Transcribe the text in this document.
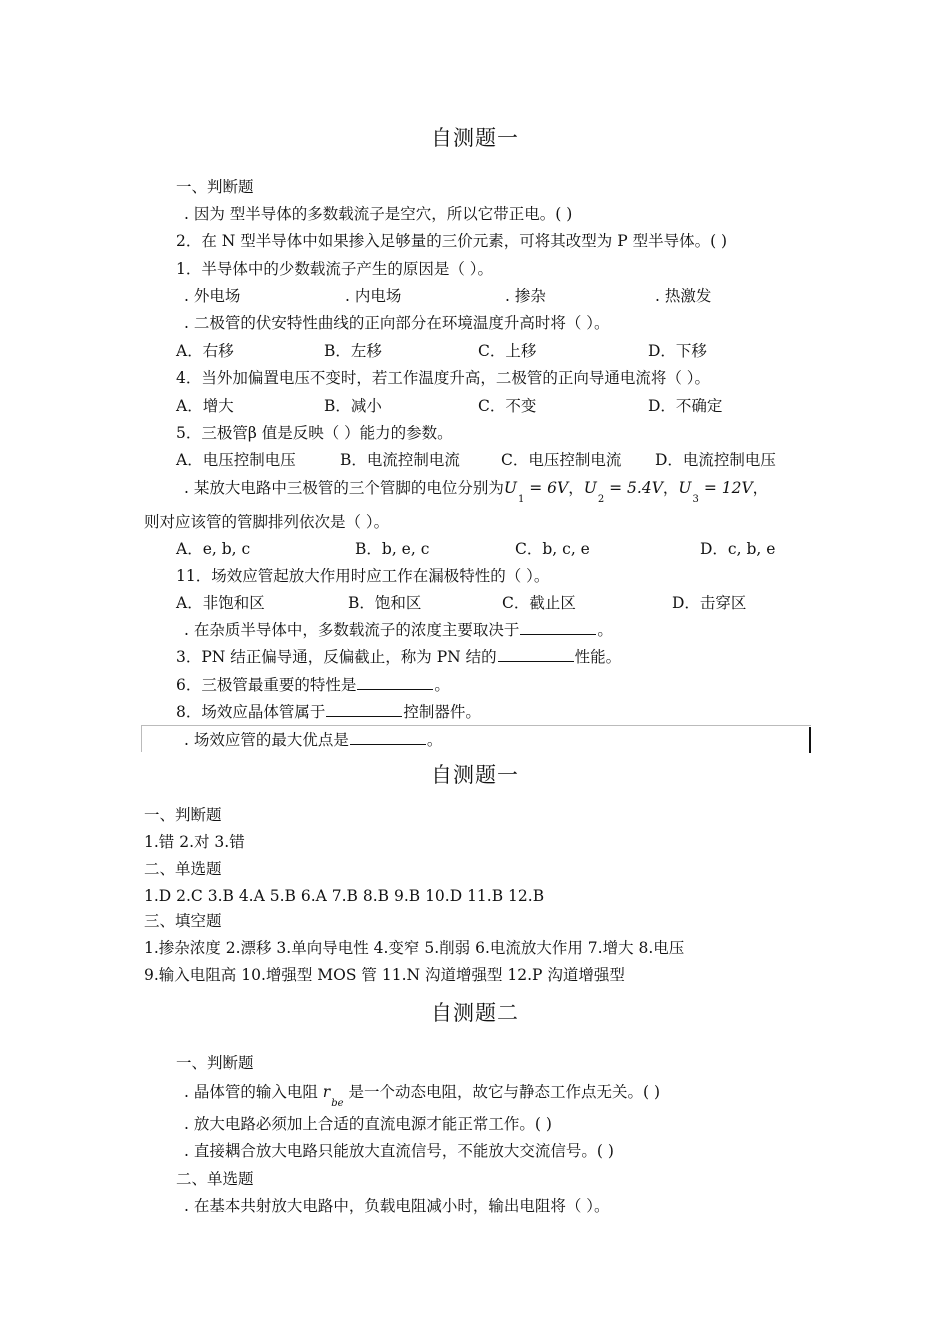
自测题一
一、判断题
. 因为 型半导体的多数载流子是空穴，所以它带正电。( )
2．在 N 型半导体中如果掺入足够量的三价元素，可将其改型为 P 型半导体。( )
1．半导体中的少数载流子产生的原因是（ ）。
. 外电场	. 内电场	. 掺杂	. 热激发
. 二极管的伏安特性曲线的正向部分在环境温度升高时将（ ）。
A．右移	B．左移	C．上移	D．下移
4．当外加偏置电压不变时，若工作温度升高，二极管的正向导通电流将（ ）。
A．增大	B．减小	C．不变	D．不确定
5．三极管β 值是反映（ ）能力的参数。
A．电压控制电压	B．电流控制电流	C．电压控制电流 D．电流控制电压
. 某放大电路中三极管的三个管脚的电位分别为$U_1 = 6V$，$U_2 = 5.4V$，$U_3 = 12V$，
则对应该管的管脚排列依次是（ ）。
A．e, b, c	B．b, e, c	C．b, c, e	D．c, b, e
11．场效应管起放大作用时应工作在漏极特性的（ ）。
A．非饱和区	B．饱和区	C．截止区	D．击穿区
. 在杂质半导体中，多数载流子的浓度主要取决于	。
3．PN 结正偏导通，反偏截止，称为 PN 结的	性能。
6．三极管最重要的特性是	。
8．场效应晶体管属于	控制器件。
. 场效应管的最大优点是	。
自测题一
一、判断题
1.错 2.对 3.错
二、单选题
1.D 2.C 3.B 4.A 5.B 6.A 7.B 8.B 9.B 10.D 11.B 12.B
三、填空题
1.掺杂浓度 2.漂移 3.单向导电性 4.变窄 5.削弱 6.电流放大作用 7.增大 8.电压
9.输入电阻高 10.增强型 MOS 管 11.N 沟道增强型 12.P 沟道增强型
自测题二
一、判断题
. 晶体管的输入电阻 $r_{be}$ 是一个动态电阻，故它与静态工作点无关。( )
. 放大电路必须加上合适的直流电源才能正常工作。( )
. 直接耦合放大电路只能放大直流信号，不能放大交流信号。( )
二、单选题
. 在基本共射放大电路中，负载电阻减小时，输出电阻将（ ）。
